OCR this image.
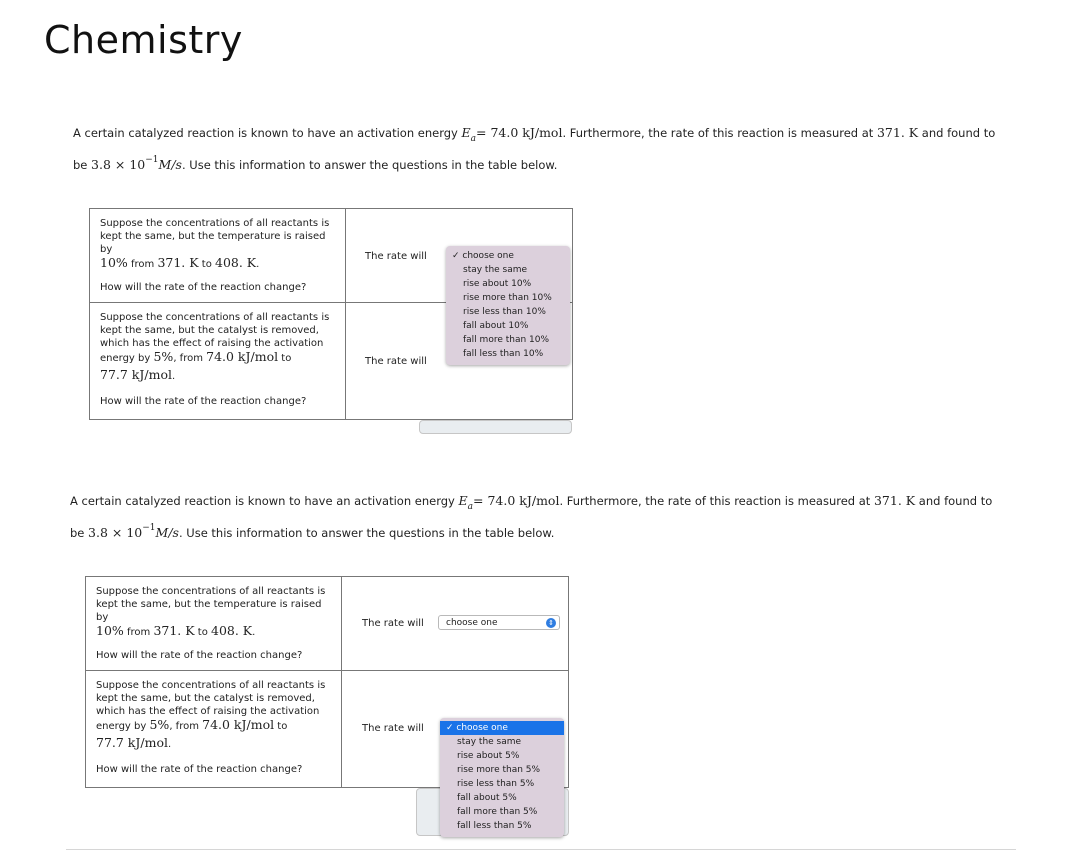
Chemistry
A certain catalyzed reaction is known to have an activation energy $E_a= 74.0$ kJ/mol. Furthermore, the rate of this reaction is measured at 371. K and found to
be $3.8 \times 10^{-1}M/s$. Use this information to answer the questions in the table below.
Suppose the concentrations of all reactants is
kept the same, but the temperature is raised by
10% from 371. K to 408. K.
How will the rate of the reaction change?
Suppose the concentrations of all reactants is
kept the same, but the catalyst is removed,
which has the effect of raising the activation
energy by 5%, from 74.0 kJ/mol to
77.7 kJ/mol.
How will the rate of the reaction change?
The rate will
The rate will
✓ choose one
stay the same
rise about 10%
rise more than 10%
rise less than 10%
fall about 10%
fall more than 10%
fall less than 10%
A certain catalyzed reaction is known to have an activation energy $E_a= 74.0$ kJ/mol. Furthermore, the rate of this reaction is measured at 371. K and found to
be $3.8 \times 10^{-1}M/s$. Use this information to answer the questions in the table below.
Suppose the concentrations of all reactants is
kept the same, but the temperature is raised by
10% from 371. K to 408. K.
How will the rate of the reaction change?
Suppose the concentrations of all reactants is
kept the same, but the catalyst is removed,
which has the effect of raising the activation
energy by 5%, from 74.0 kJ/mol to
77.7 kJ/mol.
How will the rate of the reaction change?
The rate will
The rate will
choose one	⇕
✓ choose one
stay the same
rise about 5%
rise more than 5%
rise less than 5%
fall about 5%
fall more than 5%
fall less than 5%
